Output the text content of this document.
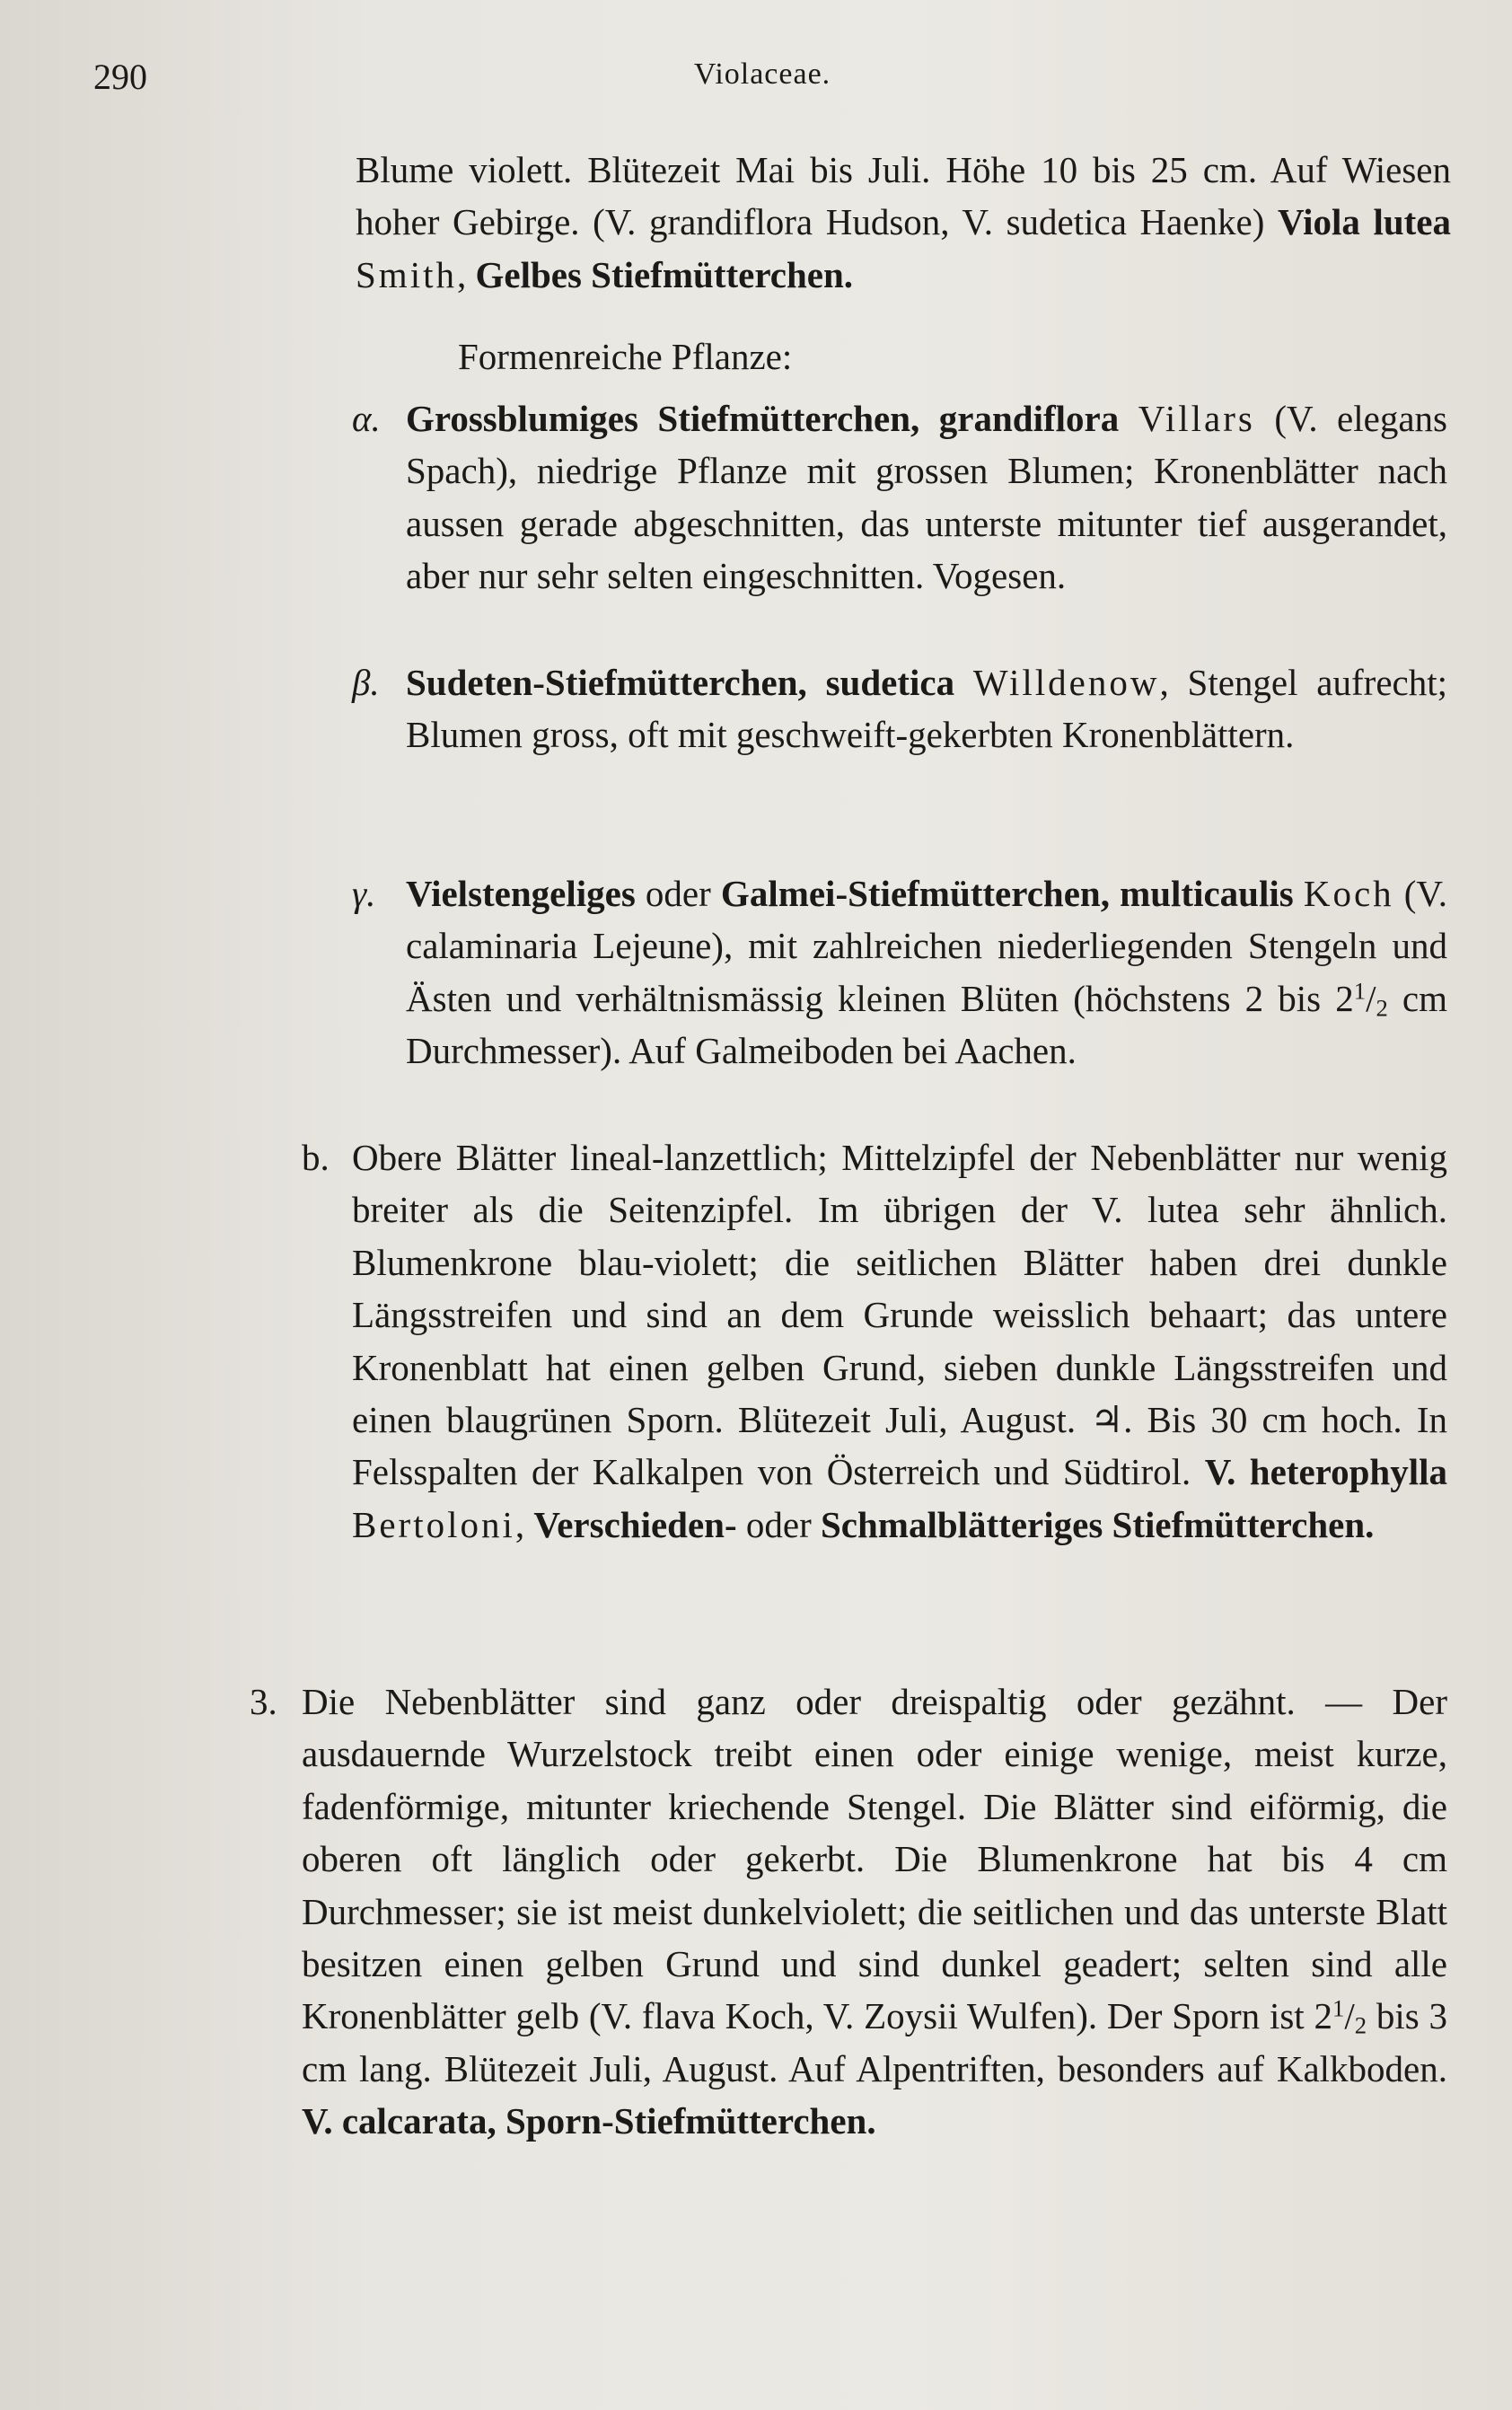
290	Violaceae.
Blume violett. Blütezeit Mai bis Juli. Höhe 10 bis 25 cm. Auf Wiesen hoher Gebirge. (V. grandiflora Hudson, V. sudetica Haenke) Viola lutea Smith, Gelbes Stiefmütterchen.
Formenreiche Pflanze:
α. Grossblumiges Stiefmütterchen, grandiflora Villars (V. elegans Spach), niedrige Pflanze mit grossen Blumen; Kronenblätter nach aussen gerade abgeschnitten, das unterste mitunter tief ausgerandet, aber nur sehr selten eingeschnitten. Vogesen.
β. Sudeten-Stiefmütterchen, sudetica Willdenow, Stengel aufrecht; Blumen gross, oft mit geschweift-gekerbten Kronenblättern.
γ. Vielstengeliges oder Galmei-Stiefmütterchen, multicaulis Koch (V. calaminaria Lejeune), mit zahlreichen niederliegenden Stengeln und Ästen und verhältnismässig kleinen Blüten (höchstens 2 bis $2^1/_2$ cm Durchmesser). Auf Galmeiboden bei Aachen.
b. Obere Blätter lineal-lanzettlich; Mittelzipfel der Nebenblätter nur wenig breiter als die Seitenzipfel. Im übrigen der V. lutea sehr ähnlich. Blumenkrone blau-violett; die seitlichen Blätter haben drei dunkle Längsstreifen und sind an dem Grunde weisslich behaart; das untere Kronenblatt hat einen gelben Grund, sieben dunkle Längsstreifen und einen blaugrünen Sporn. Blütezeit Juli, August. ♃. Bis 30 cm hoch. In Felsspalten der Kalkalpen von Österreich und Südtirol. V. heterophylla Bertoloni, Verschieden- oder Schmalblätteriges Stiefmütterchen.
3. Die Nebenblätter sind ganz oder dreispaltig oder gezähnt. — Der ausdauernde Wurzelstock treibt einen oder einige wenige, meist kurze, fadenförmige, mitunter kriechende Stengel. Die Blätter sind eiförmig, die oberen oft länglich oder gekerbt. Die Blumenkrone hat bis 4 cm Durchmesser; sie ist meist dunkelviolett; die seitlichen und das unterste Blatt besitzen einen gelben Grund und sind dunkel geadert; selten sind alle Kronenblätter gelb (V. flava Koch, V. Zoysii Wulfen). Der Sporn ist $2^1/_2$ bis 3 cm lang. Blütezeit Juli, August. Auf Alpentriften, besonders auf Kalkboden. V. calcarata, Sporn-Stiefmütterchen.
